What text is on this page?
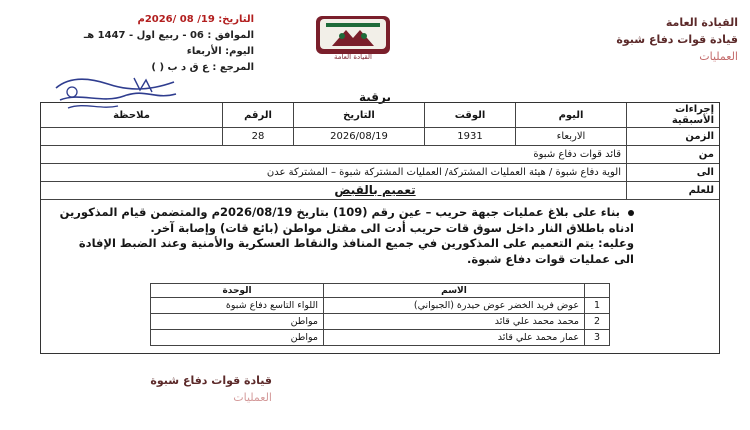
القيادة العامة
قيادة قوات دفاع شبوة
العمليات
القيادة العامة
التاريخ: 19/ 08 /2026م
الموافق : 06 - ربيع اول - 1447 هـ
اليوم: الأربعاء
المرجع : ع ق د ب ( )
برقية
إجراءات الأسبقية	اليوم	الوقت	التاريخ	الرقم	ملاحظة
الزمن	الاربعاء	1931	2026/08/19	28	
من	قائد قوات دفاع شبوة				
الى	الوية دفاع شبوة / هيئة العمليات المشتركة/ العمليات المشتركة شبوة – المشتركة عدن				
للعلم					
تعميم بالقبض
بناء على بلاغ عمليات جبهة حريب – عين رقم (109) بتاريخ 2026/08/19م والمتضمن قيام المذكورين ادناه باطلاق النار داخل سوق قات حريب أدت الى مقتل مواطن (بائع قات) وإصابة آخر.
وعليه: يتم التعميم على المذكورين في جميع المنافذ والنقاط العسكرية والأمنية وعند الضبط الإفادة الى عمليات قوات دفاع شبوة.
	الاسم	الوحدة
1	عوض فريد الخضر عوض حيدرة (الجبواني)	اللواء التاسع دفاع شبوة
2	محمد محمد علي قائد	مواطن
3	عمار محمد علي قائد	مواطن
قيادة قوات دفاع شبوة
العمليات
